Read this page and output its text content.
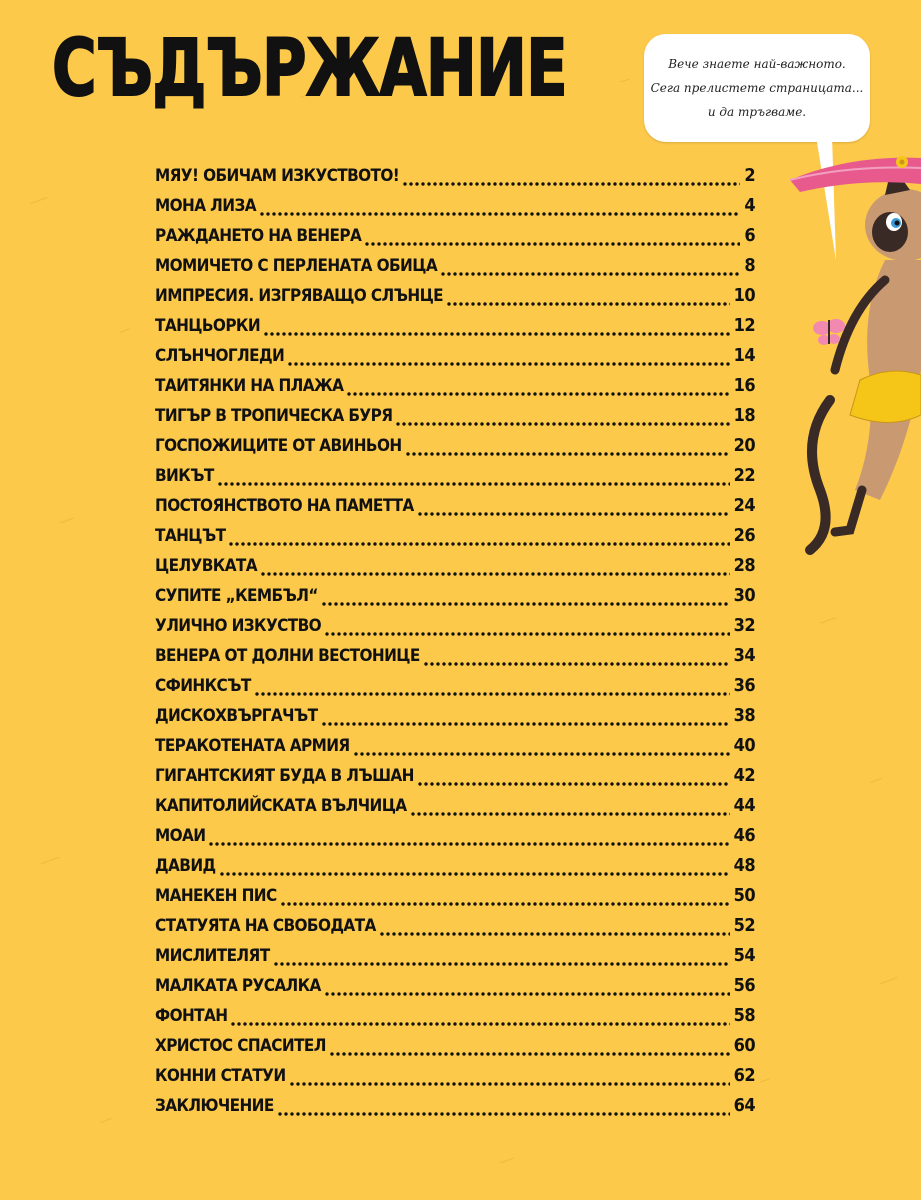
СЪДЪРЖАНИЕ	Вече знаете най-важното.
Сега прелистете страницата...
и да тръгваме.
МЯУ! ОБИЧАМ ИЗКУСТВОТО!	2
МОНА ЛИЗА	4
РАЖДАНЕТО НА ВЕНЕРА	6
МОМИЧЕТО С ПЕРЛЕНАТА ОБИЦА	8
ИМПРЕСИЯ. ИЗГРЯВАЩО СЛЪНЦЕ	10
ТАНЦЬОРКИ	12
СЛЪНЧОГЛЕДИ	14
ТАИТЯНКИ НА ПЛАЖА	16
ТИГЪР В ТРОПИЧЕСКА БУРЯ	18
ГОСПОЖИЦИТЕ ОТ АВИНЬОН	20
ВИКЪТ	22
ПОСТОЯНСТВОТО НА ПАМЕТТА	24
ТАНЦЪТ	26
ЦЕЛУВКАТА	28
СУПИТЕ „КЕМБЪЛ“	30
УЛИЧНО ИЗКУСТВО	32
ВЕНЕРА ОТ ДОЛНИ ВЕСТОНИЦЕ	34
СФИНКСЪТ	36
ДИСКОХВЪРГАЧЪТ	38
ТЕРАКОТЕНАТА АРМИЯ	40
ГИГАНТСКИЯТ БУДА В ЛЪШАН	42
КАПИТОЛИЙСКАТА ВЪЛЧИЦА	44
МОАИ	46
ДАВИД	48
МАНЕКЕН ПИС	50
СТАТУЯТА НА СВОБОДАТА	52
МИСЛИТЕЛЯТ	54
МАЛКАТА РУСАЛКА	56
ФОНТАН	58
ХРИСТОС СПАСИТЕЛ	60
КОННИ СТАТУИ	62
ЗАКЛЮЧЕНИЕ	64
